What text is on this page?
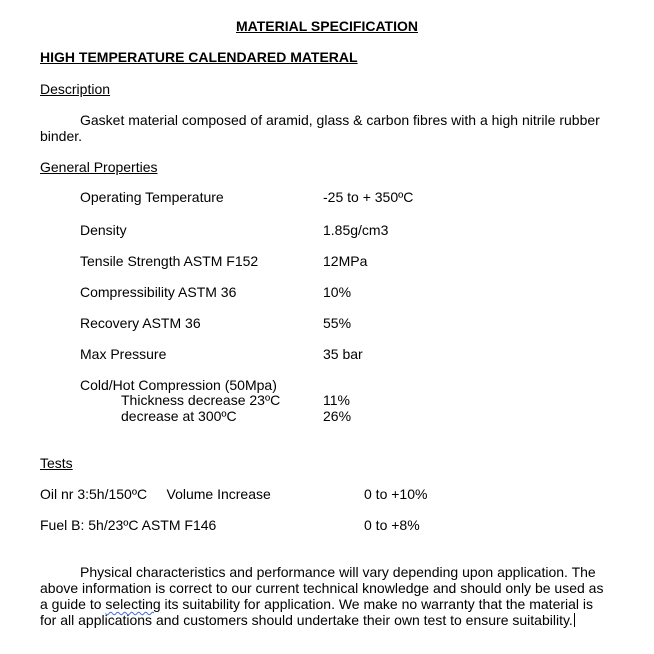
MATERIAL SPECIFICATION
HIGH TEMPERATURE CALENDARED MATERAL
Description
Gasket material composed of aramid, glass & carbon fibres with a high nitrile rubber binder.
General Properties
Operating Temperature	-25 to + 350ºC
Density	1.85g/cm3
Tensile Strength ASTM F152	12MPa
Compressibility ASTM 36	10%
Recovery ASTM 36	55%
Max Pressure	35 bar
Cold/Hot Compression (50Mpa)
Thickness decrease 23ºC	11%
decrease at 300ºC	26%
Tests
Oil nr 3:5h/150ºC     Volume Increase	0 to +10%
Fuel B: 5h/23ºC ASTM F146	0 to +8%
Physical characteristics and performance will vary depending upon application. The above information is correct to our current technical knowledge and should only be used as a guide to selecting its suitability for application. We make no warranty that the material is for all applications and customers should undertake their own test to ensure suitability.
